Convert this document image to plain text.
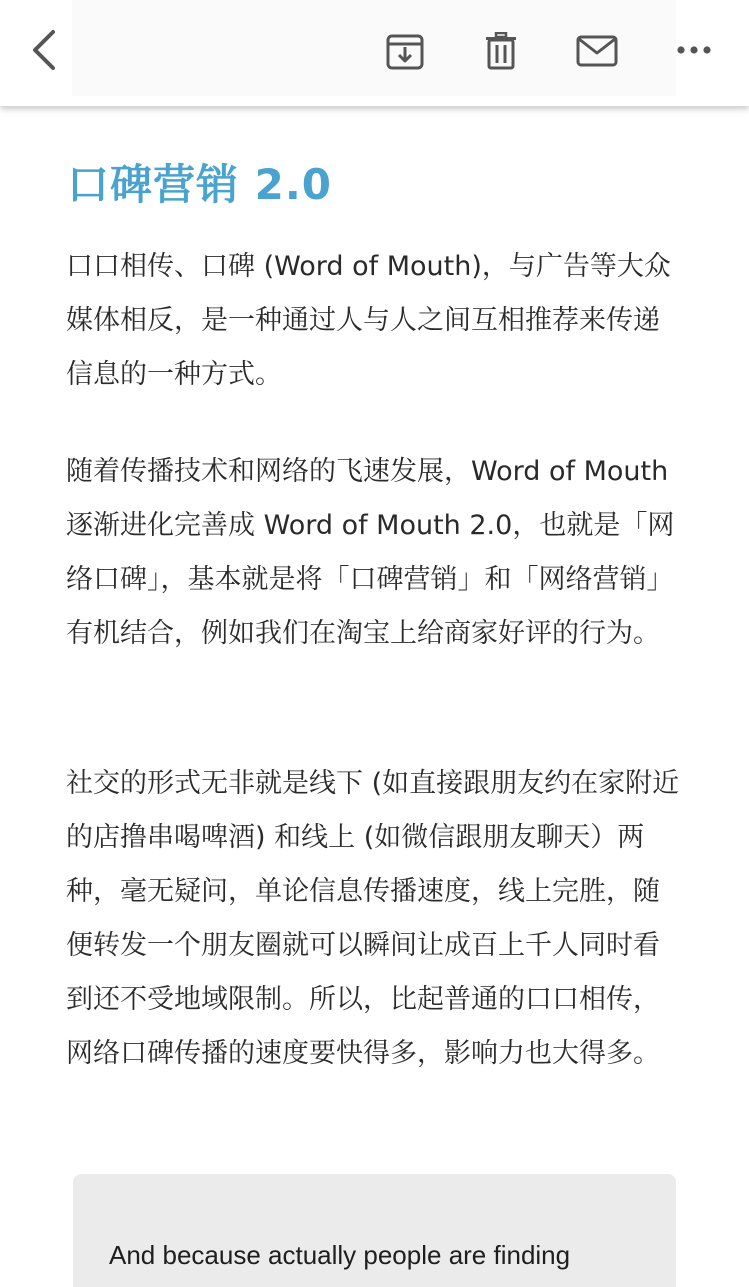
口碑营销 2.0

口口相传、口碑 (Word of Mouth)，与广告等大众媒体相反，是一种通过人与人之间互相推荐来传递信息的一种方式。

随着传播技术和网络的飞速发展，Word of Mouth 逐渐进化完善成 Word of Mouth 2.0，也就是「网络口碑」，基本就是将「口碑营销」和「网络营销」有机结合，例如我们在淘宝上给商家好评的行为。

社交的形式无非就是线下 (如直接跟朋友约在家附近的店撸串喝啤酒) 和线上 (如微信跟朋友聊天）两种，毫无疑问，单论信息传播速度，线上完胜，随便转发一个朋友圈就可以瞬间让成百上千人同时看到还不受地域限制。所以，比起普通的口口相传，网络口碑传播的速度要快得多，影响力也大得多。

And because actually people are finding
